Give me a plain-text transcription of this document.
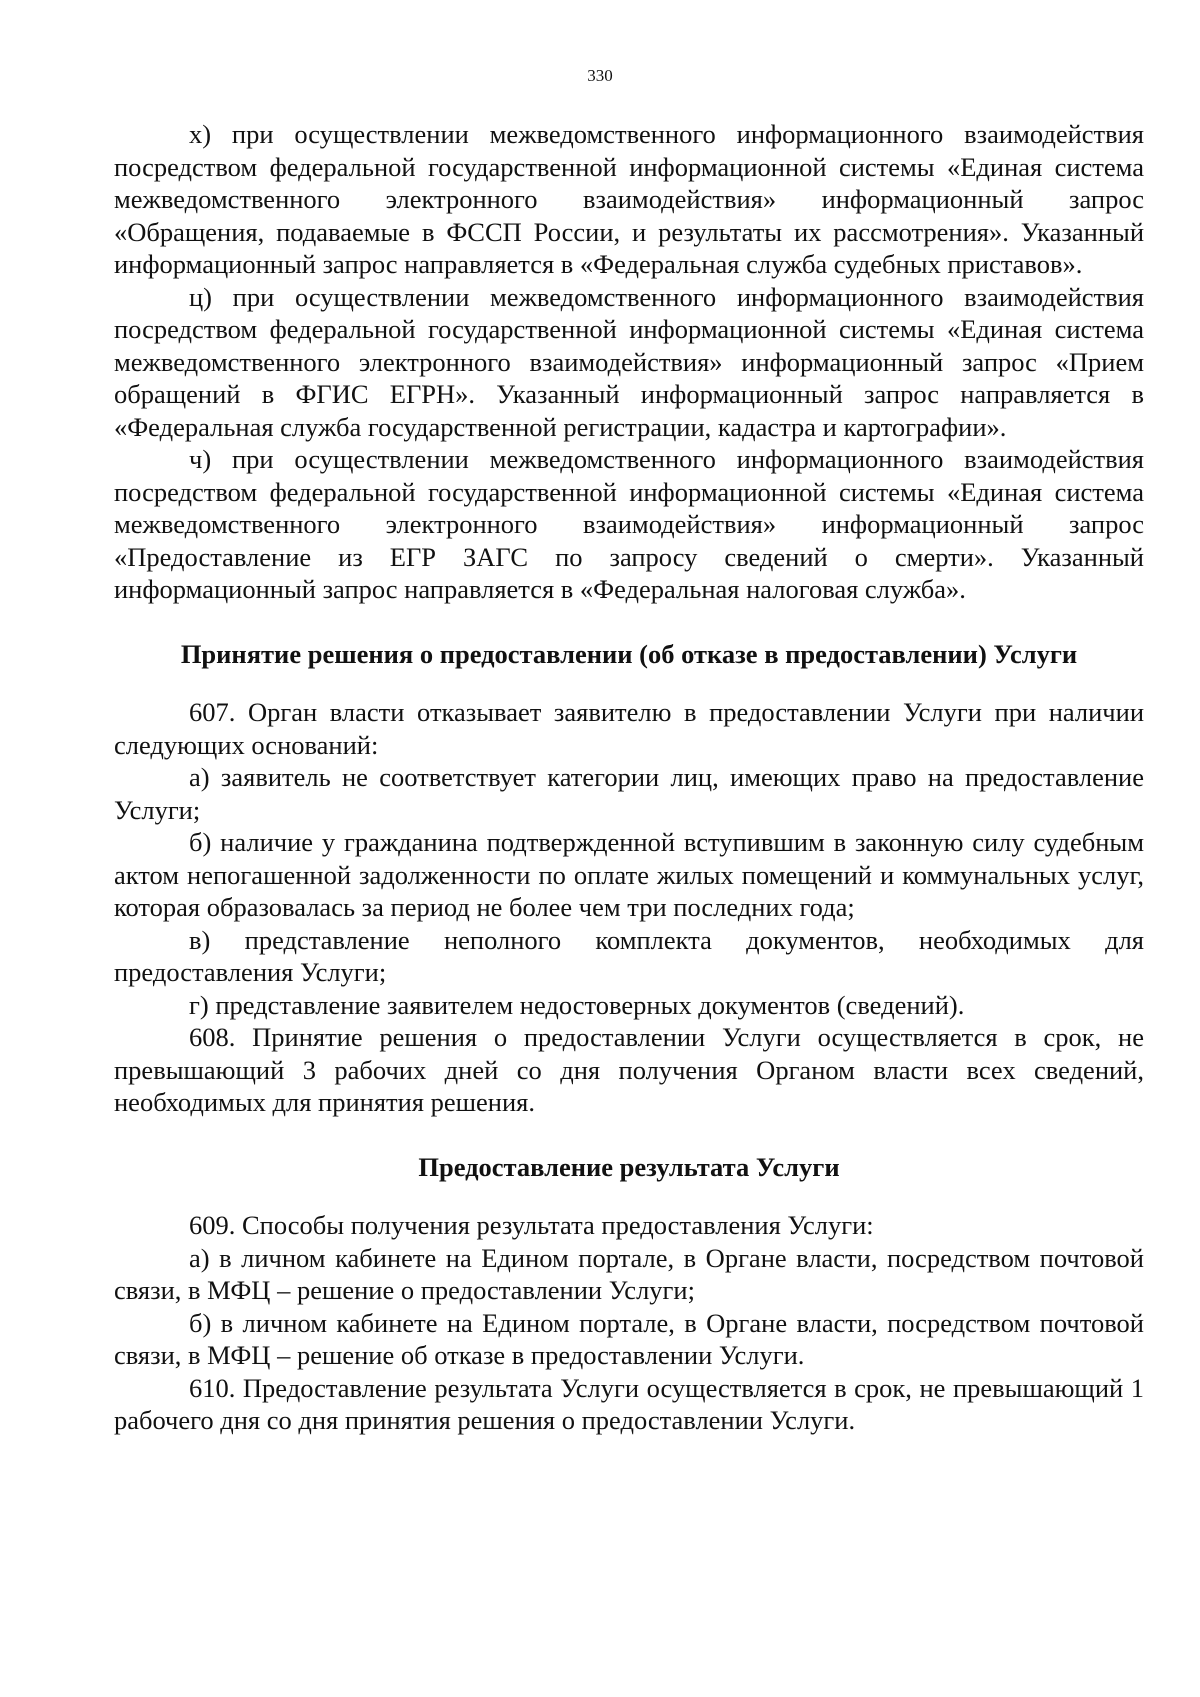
330

х) при осуществлении межведомственного информационного взаимодействия посредством федеральной государственной информационной системы «Единая система межведомственного электронного взаимодействия» информационный запрос «Обращения, подаваемые в ФССП России, и результаты их рассмотрения». Указанный информационный запрос направляется в «Федеральная служба судебных приставов».

ц) при осуществлении межведомственного информационного взаимодействия посредством федеральной государственной информационной системы «Единая система межведомственного электронного взаимодействия» информационный запрос «Прием обращений в ФГИС ЕГРН». Указанный информационный запрос направляется в «Федеральная служба государственной регистрации, кадастра и картографии».

ч) при осуществлении межведомственного информационного взаимодействия посредством федеральной государственной информационной системы «Единая система межведомственного электронного взаимодействия» информационный запрос «Предоставление из ЕГР ЗАГС по запросу сведений о смерти». Указанный информационный запрос направляется в «Федеральная налоговая служба».

Принятие решения о предоставлении (об отказе в предоставлении) Услуги

607. Орган власти отказывает заявителю в предоставлении Услуги при наличии следующих оснований:

а) заявитель не соответствует категории лиц, имеющих право на предоставление Услуги;

б) наличие у гражданина подтвержденной вступившим в законную силу судебным актом непогашенной задолженности по оплате жилых помещений и коммунальных услуг, которая образовалась за период не более чем три последних года;

в) представление неполного комплекта документов, необходимых для предоставления Услуги;

г) представление заявителем недостоверных документов (сведений).

608. Принятие решения о предоставлении Услуги осуществляется в срок, не превышающий 3 рабочих дней со дня получения Органом власти всех сведений, необходимых для принятия решения.

Предоставление результата Услуги

609. Способы получения результата предоставления Услуги:

а) в личном кабинете на Едином портале, в Органе власти, посредством почтовой связи, в МФЦ – решение о предоставлении Услуги;

б) в личном кабинете на Едином портале, в Органе власти, посредством почтовой связи, в МФЦ – решение об отказе в предоставлении Услуги.

610. Предоставление результата Услуги осуществляется в срок, не превышающий 1 рабочего дня со дня принятия решения о предоставлении Услуги.
